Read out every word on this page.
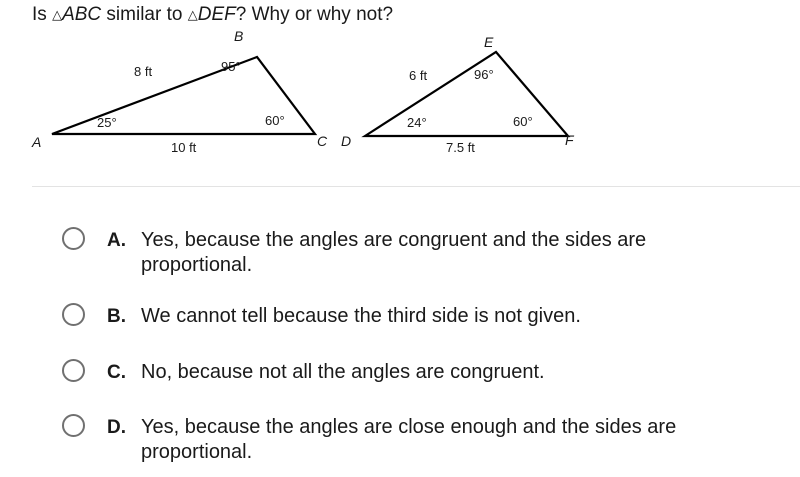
Is △ABC similar to △DEF? Why or why not?
A
B
C
25°
95°
60°
8 ft
10 ft	D
E
F
24°
96°
60°
6 ft
7.5 ft
A. Yes, because the angles are congruent and the sides are
proportional.
B. We cannot tell because the third side is not given.
C. No, because not all the angles are congruent.
D. Yes, because the angles are close enough and the sides are
proportional.
